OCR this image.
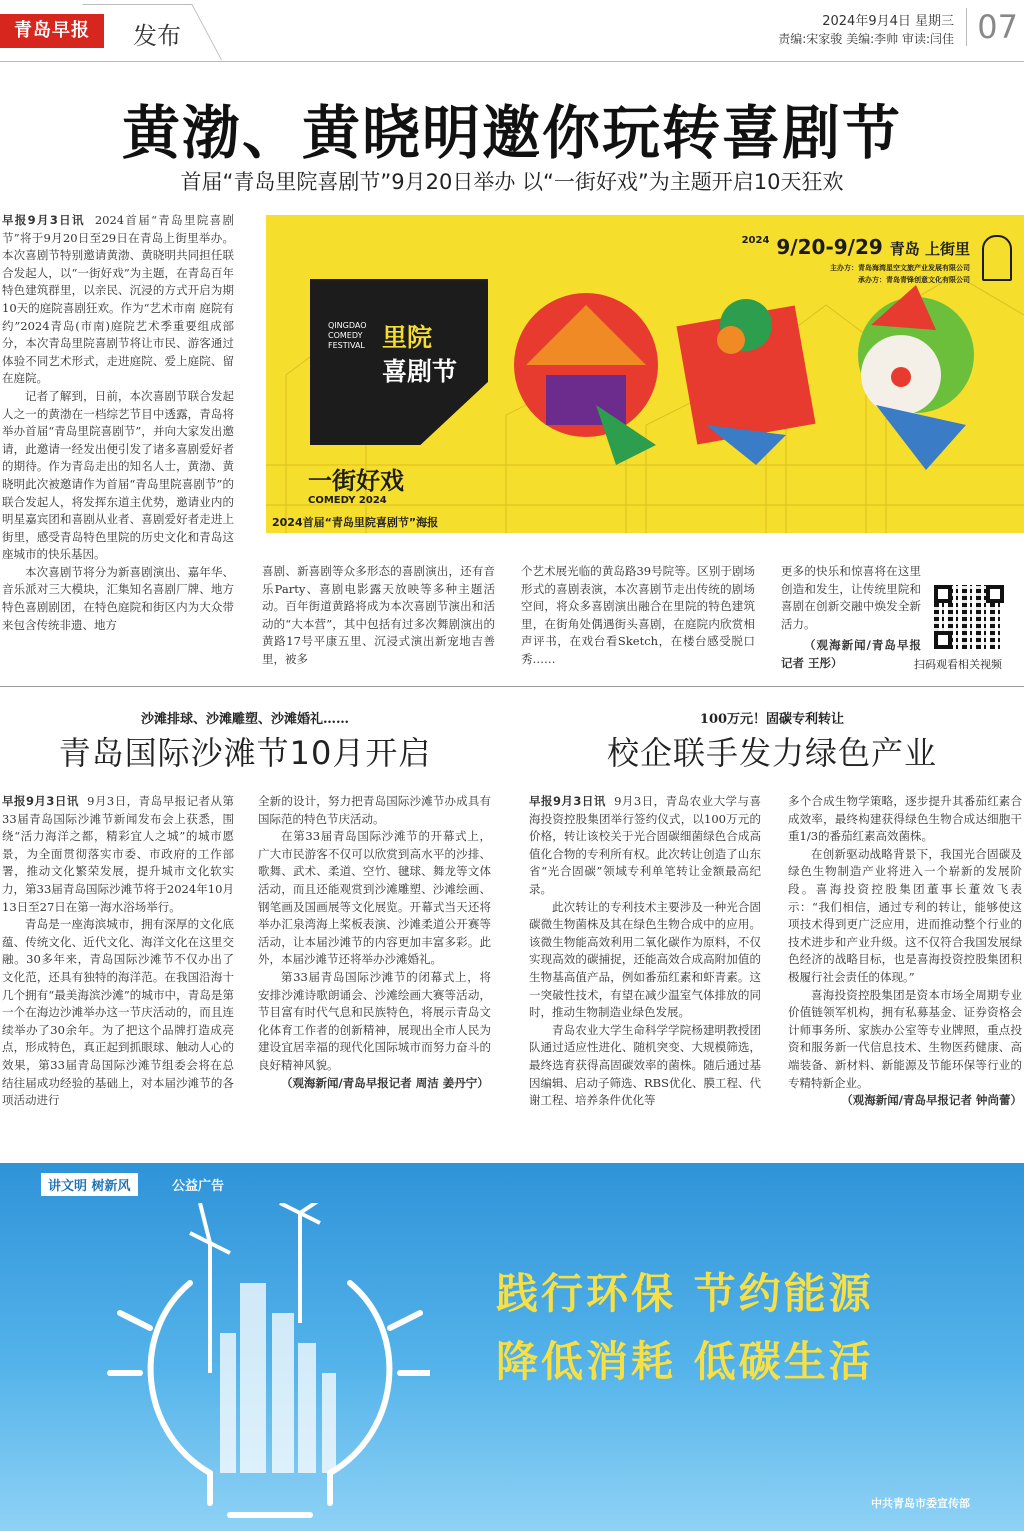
青岛早报	发布
2024年9月4日 星期三
责编:宋家骏 美编:李帅 审读:闫佳 07
黄渤、黄晓明邀你玩转喜剧节
首届“青岛里院喜剧节”9月20日举办 以“一街好戏”为主题开启10天狂欢

早报9月3日讯 2024首届“青岛里院喜剧节”将于9月20日至29日在青岛上街里举办。本次喜剧节特别邀请黄渤、黄晓明共同担任联合发起人，以“一街好戏”为主题，在青岛百年特色建筑群里，以亲民、沉浸的方式开启为期10天的庭院喜剧狂欢。作为“艺术市南 庭院有约”2024青岛(市南)庭院艺术季重要组成部分，本次青岛里院喜剧节将让市民、游客通过体验不同艺术形式，走进庭院、爱上庭院、留在庭院。

记者了解到，日前，本次喜剧节联合发起人之一的黄渤在一档综艺节目中透露，青岛将举办首届“青岛里院喜剧节”，并向大家发出邀请，此邀请一经发出便引发了诸多喜剧爱好者的期待。作为青岛走出的知名人士，黄渤、黄晓明此次被邀请作为首届“青岛里院喜剧节”的联合发起人，将发挥东道主优势，邀请业内的明星嘉宾团和喜剧从业者、喜剧爱好者走进上街里，感受青岛特色里院的历史文化和青岛这座城市的快乐基因。

本次喜剧节将分为新喜剧演出、嘉年华、音乐派对三大模块，汇集知名喜剧厂牌、地方特色喜剧剧团，在特色庭院和街区内为大众带来包含传统非遗、地方

$^{2024}$ 9/20-9/29 青岛 上街里
主办方：青岛海湾星空文旅产业发展有限公司
承办方：青岛青锋创意文化有限公司
QINGDAO COMEDY FESTIVAL 里院
喜剧节
一街好戏
COMEDY 2024
2024首届“青岛里院喜剧节”海报

喜剧、新喜剧等众多形态的喜剧演出，还有音乐Party、喜剧电影露天放映等多种主题活动。百年街道黄路将成为本次喜剧节演出和活动的“大本营”，其中包括有过多次舞剧演出的黄路17号平康五里、沉浸式演出新宠地吉善里，被多

个艺术展光临的黄岛路39号院等。区别于剧场形式的喜剧表演，本次喜剧节走出传统的剧场空间，将众多喜剧演出融合在里院的特色建筑里，在街角处偶遇街头喜剧，在庭院内欣赏相声评书，在戏台看Sketch，在楼台感受脱口秀……

更多的快乐和惊喜将在这里创造和发生，让传统里院和喜剧在创新交融中焕发全新活力。

（观海新闻/青岛早报记者 王彤）	扫码观看相关视频
沙滩排球、沙滩雕塑、沙滩婚礼……
青岛国际沙滩节10月开启

早报9月3日讯 9月3日，青岛早报记者从第33届青岛国际沙滩节新闻发布会上获悉，围绕“活力海洋之都，精彩宜人之城”的城市愿景，为全面贯彻落实市委、市政府的工作部署，推动文化繁荣发展，提升城市文化软实力，第33届青岛国际沙滩节将于2024年10月13日至27日在第一海水浴场举行。

青岛是一座海滨城市，拥有深厚的文化底蕴、传统文化、近代文化、海洋文化在这里交融。30多年来，青岛国际沙滩节不仅办出了文化范，还具有独特的海洋范。在我国沿海十几个拥有“最美海滨沙滩”的城市中，青岛是第一个在海边沙滩举办这一节庆活动的，而且连续举办了30余年。为了把这个品牌打造成亮点，形成特色，真正起到抓眼球、触动人心的效果，第33届青岛国际沙滩节组委会将在总结往届成功经验的基础上，对本届沙滩节的各项活动进行

全新的设计，努力把青岛国际沙滩节办成具有国际范的特色节庆活动。

在第33届青岛国际沙滩节的开幕式上，广大市民游客不仅可以欣赏到高水平的沙排、歌舞、武术、柔道、空竹、毽球、舞龙等文体活动，而且还能观赏到沙滩雕塑、沙滩绘画、钢笔画及国画展等文化展览。开幕式当天还将举办汇泉湾海上桨板表演、沙滩柔道公开赛等活动，让本届沙滩节的内容更加丰富多彩。此外，本届沙滩节还将举办沙滩婚礼。

第33届青岛国际沙滩节的闭幕式上，将安排沙滩诗歌朗诵会、沙滩绘画大赛等活动，节目富有时代气息和民族特色，将展示青岛文化体育工作者的创新精神，展现出全市人民为建设宜居幸福的现代化国际城市而努力奋斗的良好精神风貌。

（观海新闻/青岛早报记者 周洁 姜丹宁）

100万元！固碳专利转让
校企联手发力绿色产业

早报9月3日讯 9月3日，青岛农业大学与喜海投资控股集团举行签约仪式，以100万元的价格，转让该校关于光合固碳细菌绿色合成高值化合物的专利所有权。此次转让创造了山东省“光合固碳”领域专利单笔转让金额最高纪录。

此次转让的专利技术主要涉及一种光合固碳微生物菌株及其在绿色生物合成中的应用。该微生物能高效利用二氧化碳作为原料，不仅实现高效的碳捕捉，还能高效合成高附加值的生物基高值产品，例如番茄红素和虾青素。这一突破性技术，有望在减少温室气体排放的同时，推动生物制造业绿色发展。

青岛农业大学生命科学学院杨建明教授团队通过适应性进化、随机突变、大规模筛选，最终选育获得高固碳效率的菌株。随后通过基因编辑、启动子筛选、RBS优化、膜工程、代谢工程、培养条件优化等

多个合成生物学策略，逐步提升其番茄红素合成效率，最终构建获得绿色生物合成达细胞干重1/3的番茄红素高效菌株。

在创新驱动战略背景下，我国光合固碳及绿色生物制造产业将进入一个崭新的发展阶段。喜海投资控股集团董事长董效飞表示：“我们相信，通过专利的转让，能够使这项技术得到更广泛应用，进而推动整个行业的技术进步和产业升级。这不仅符合我国发展绿色经济的战略目标，也是喜海投资控股集团积极履行社会责任的体现。”

喜海投资控股集团是资本市场全周期专业价值链领军机构，拥有私募基金、证券资格会计师事务所、家族办公室等专业牌照，重点投资和服务新一代信息技术、生物医药健康、高端装备、新材料、新能源及节能环保等行业的专精特新企业。

（观海新闻/青岛早报记者 钟尚蕾）

讲文明 树新风	公益广告
践行环保 节约能源
降低消耗 低碳生活
中共青岛市委宣传部
